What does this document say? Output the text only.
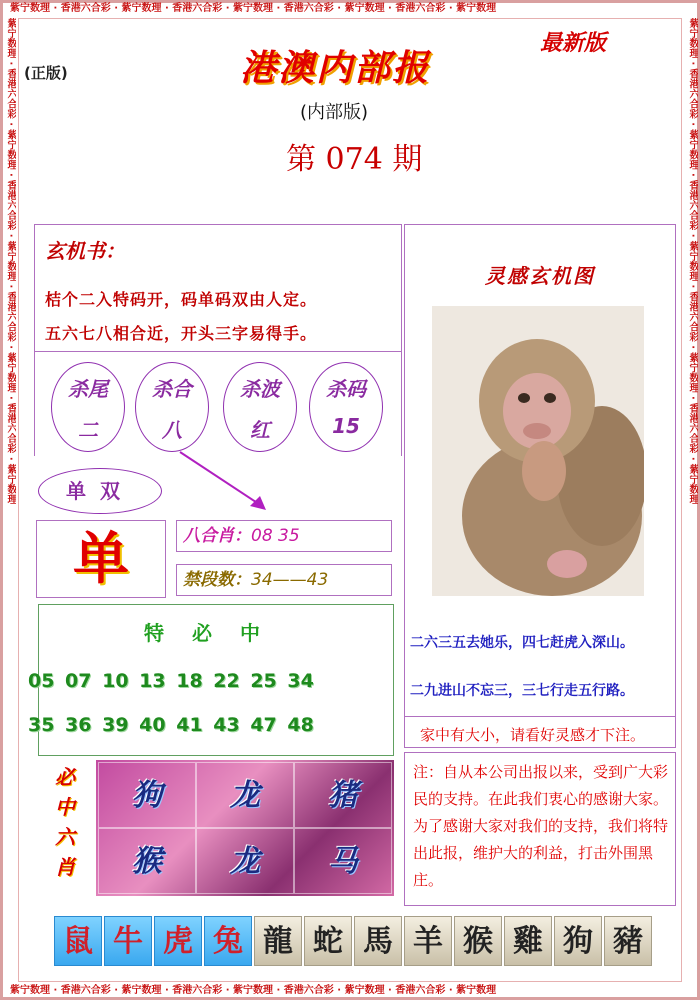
紫宁数理 · 香港六合彩 · 紫宁数理 · 香港六合彩 · 紫宁数理 · 香港六合彩 · 紫宁数理 · 香港六合彩 · 紫宁数理
紫宁数理 · 香港六合彩 · 紫宁数理 · 香港六合彩 · 紫宁数理 · 香港六合彩 · 紫宁数理 · 香港六合彩 · 紫宁数理
紫宁数理 · 香港六合彩 · 紫宁数理 · 香港六合彩 · 紫宁数理 · 香港六合彩 · 紫宁数理 · 香港六合彩 · 紫宁数理	紫宁数理 · 香港六合彩 · 紫宁数理 · 香港六合彩 · 紫宁数理 · 香港六合彩 · 紫宁数理 · 香港六合彩 · 紫宁数理
(正版)
最新版
港澳内部报
(内部版)
第 074 期
玄机书：
桔个二入特码开，码单码双由人定。
五六七八相合近，开头三字易得手。
杀尾
二
杀合
八
杀波
红
杀码
15
单双
单	八合肖：08 35
禁段数：34——43
特必中
05 07 10 13 18 22 25 34
35 36 39 40 41 43 47 48
必中六肖
狗	龙	猪
猴	龙	马
灵感玄机图
二六三五去她乐，四七赶虎入深山。
二九进山不忘三，三七行走五行路。
家中有大小，请看好灵感才下注。
注：自从本公司出报以来，受到广大彩民的支持。在此我们衷心的感谢大家。为了感谢大家对我们的支持，我们将特出此报，维护大的利益，打击外围黑庄。
鼠 牛 虎 兔 龍 蛇 馬 羊 猴 雞 狗 豬
